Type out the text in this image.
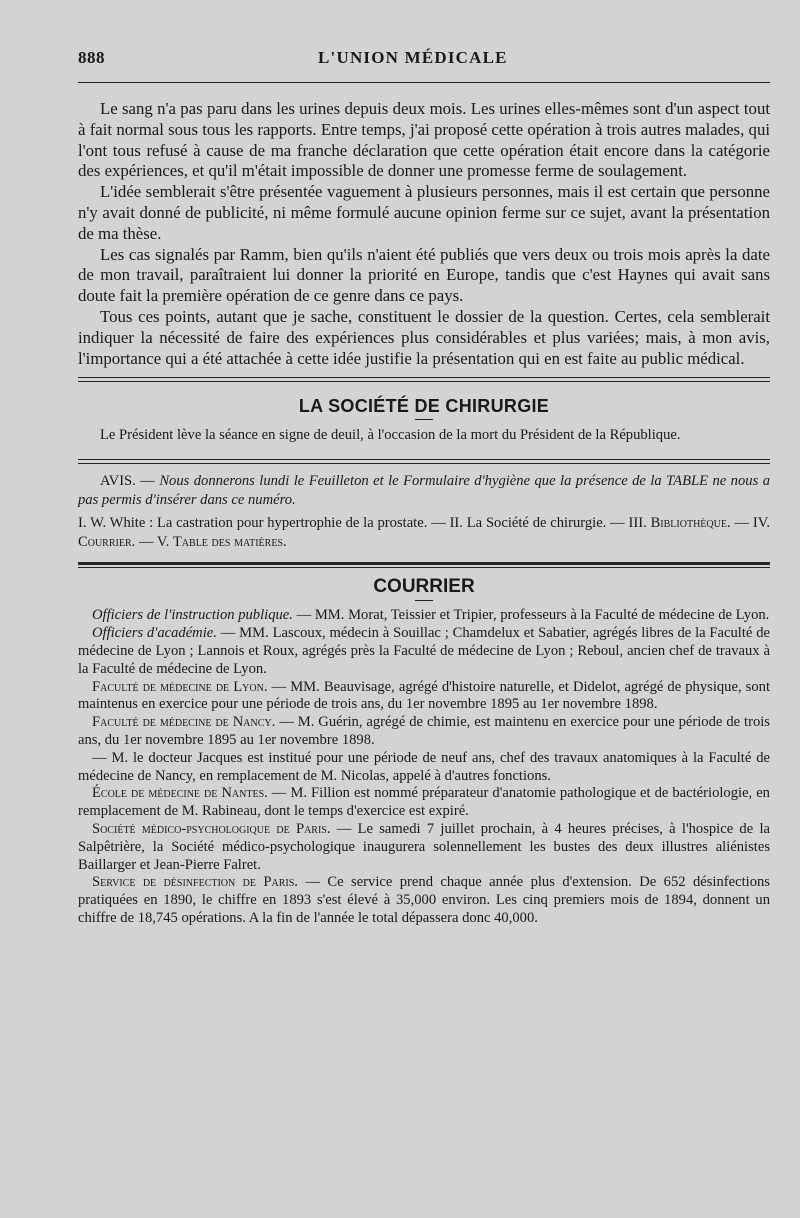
888	L'UNION MÉDICALE

Le sang n'a pas paru dans les urines depuis deux mois. Les urines elles-mêmes sont d'un aspect tout à fait normal sous tous les rapports. Entre temps, j'ai proposé cette opération à trois autres malades, qui l'ont tous refusé à cause de ma franche déclaration que cette opération était encore dans la catégorie des expériences, et qu'il m'était impossible de donner une promesse ferme de soulagement.

L'idée semblerait s'être présentée vaguement à plusieurs personnes, mais il est certain que personne n'y avait donné de publicité, ni même formulé aucune opinion ferme sur ce sujet, avant la présentation de ma thèse.

Les cas signalés par Ramm, bien qu'ils n'aient été publiés que vers deux ou trois mois après la date de mon travail, paraîtraient lui donner la priorité en Europe, tandis que c'est Haynes qui avait sans doute fait la première opération de ce genre dans ce pays.

Tous ces points, autant que je sache, constituent le dossier de la question. Certes, cela semblerait indiquer la nécessité de faire des expériences plus considérables et plus variées; mais, à mon avis, l'importance qui a été attachée à cette idée justifie la présentation qui en est faite au public médical.

LA SOCIÉTÉ DE CHIRURGIE

Le Président lève la séance en signe de deuil, à l'occasion de la mort du Président de la République.

AVIS. — Nous donnerons lundi le Feuilleton et le Formulaire d'hygiène que la présence de la TABLE ne nous a pas permis d'insérer dans ce numéro.

I. W. White : La castration pour hypertrophie de la prostate. — II. La Société de chirurgie. — III. Bibliothèque. — IV. Courrier. — V. Table des matières.

COURRIER

Officiers de l'instruction publique. — MM. Morat, Teissier et Tripier, professeurs à la Faculté de médecine de Lyon.

Officiers d'académie. — MM. Lascoux, médecin à Souillac ; Chamdelux et Sabatier, agrégés libres de la Faculté de médecine de Lyon ; Lannois et Roux, agrégés près la Faculté de médecine de Lyon ; Reboul, ancien chef de travaux à la Faculté de médecine de Lyon.

Faculté de médecine de Lyon. — MM. Beauvisage, agrégé d'histoire naturelle, et Didelot, agrégé de physique, sont maintenus en exercice pour une période de trois ans, du 1er novembre 1895 au 1er novembre 1898.

Faculté de médecine de Nancy. — M. Guérin, agrégé de chimie, est maintenu en exercice pour une période de trois ans, du 1er novembre 1895 au 1er novembre 1898.

— M. le docteur Jacques est institué pour une période de neuf ans, chef des travaux anatomiques à la Faculté de médecine de Nancy, en remplacement de M. Nicolas, appelé à d'autres fonctions.

École de médecine de Nantes. — M. Fillion est nommé préparateur d'anatomie pathologique et de bactériologie, en remplacement de M. Rabineau, dont le temps d'exercice est expiré.

Société médico-psychologique de Paris. — Le samedi 7 juillet prochain, à 4 heures précises, à l'hospice de la Salpêtrière, la Société médico-psychologique inaugurera solennellement les bustes des deux illustres aliénistes Baillarger et Jean-Pierre Falret.

Service de désinfection de Paris. — Ce service prend chaque année plus d'extension. De 652 désinfections pratiquées en 1890, le chiffre en 1893 s'est élevé à 35,000 environ. Les cinq premiers mois de 1894, donnent un chiffre de 18,745 opérations. A la fin de l'année le total dépassera donc 40,000.
